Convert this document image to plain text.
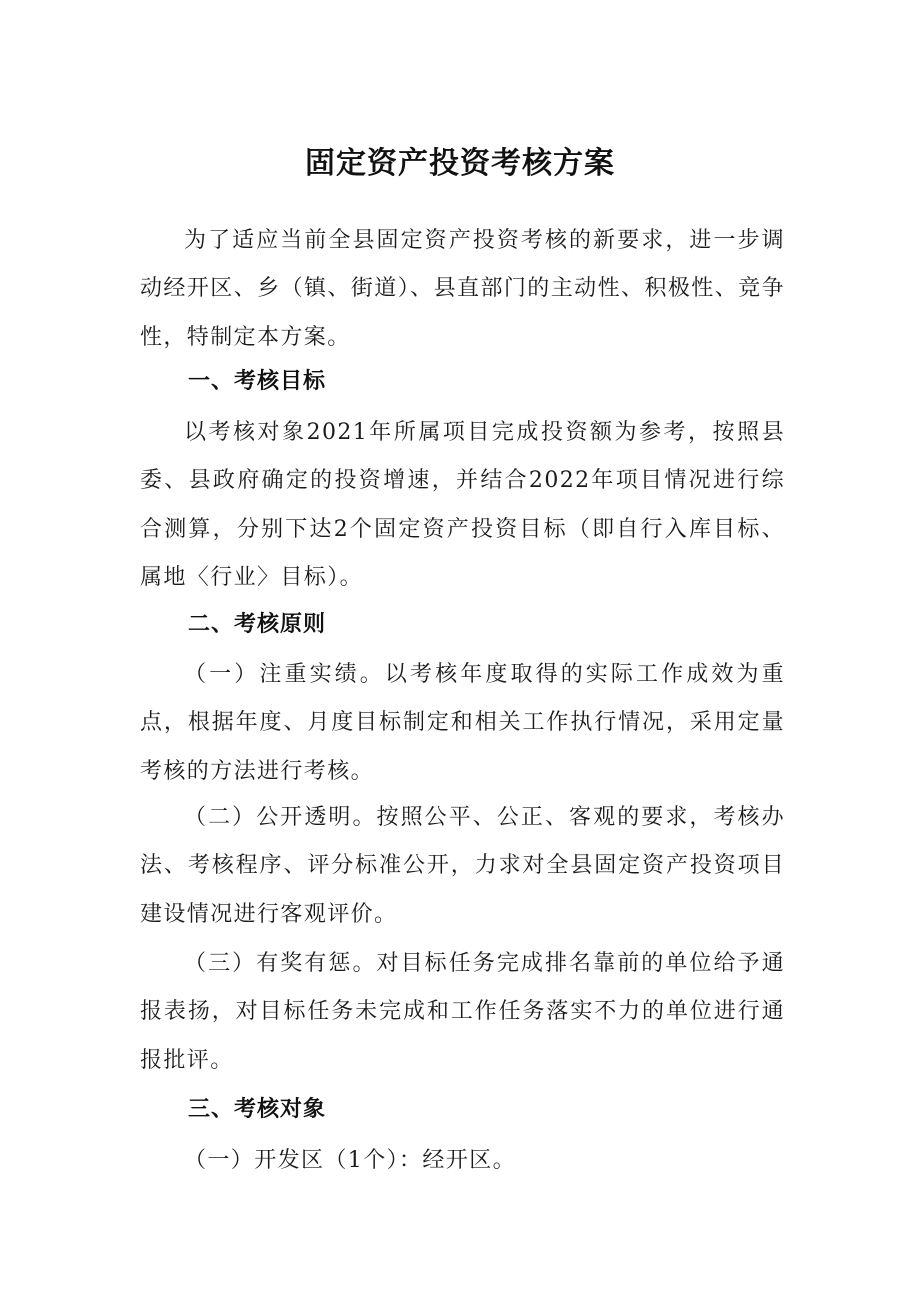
固定资产投资考核方案

为了适应当前全县固定资产投资考核的新要求，进一步调动经开区、乡（镇、街道）、县直部门的主动性、积极性、竞争性，特制定本方案。

一、考核目标

以考核对象2021年所属项目完成投资额为参考，按照县委、县政府确定的投资增速，并结合2022年项目情况进行综合测算，分别下达2个固定资产投资目标（即自行入库目标、属地〈行业〉目标）。

二、考核原则

（一）注重实绩。以考核年度取得的实际工作成效为重点，根据年度、月度目标制定和相关工作执行情况，采用定量考核的方法进行考核。

（二）公开透明。按照公平、公正、客观的要求，考核办法、考核程序、评分标准公开，力求对全县固定资产投资项目建设情况进行客观评价。

（三）有奖有惩。对目标任务完成排名靠前的单位给予通报表扬，对目标任务未完成和工作任务落实不力的单位进行通报批评。

三、考核对象

（一）开发区（1个）：经开区。
